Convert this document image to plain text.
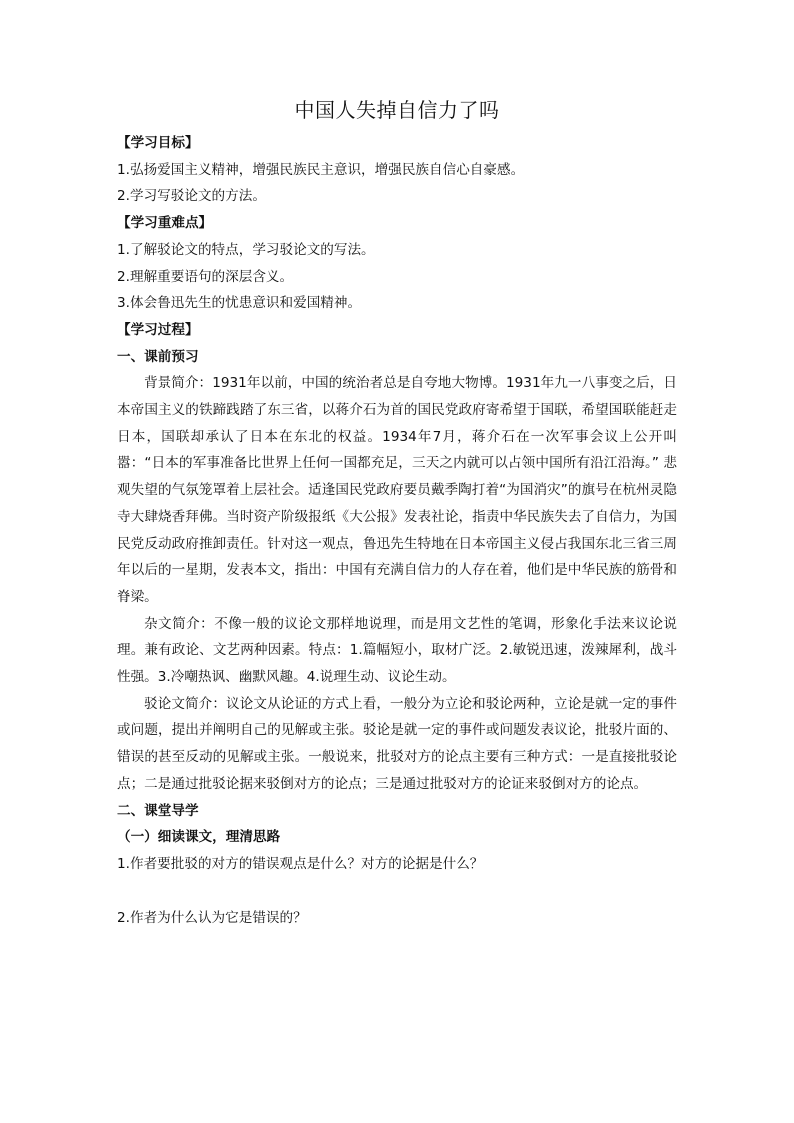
中国人失掉自信力了吗

【学习目标】

1.弘扬爱国主义精神，增强民族民主意识，增强民族自信心自豪感。

2.学习写驳论文的方法。

【学习重难点】

1.了解驳论文的特点，学习驳论文的写法。

2.理解重要语句的深层含义。

3.体会鲁迅先生的忧患意识和爱国精神。

【学习过程】

一、课前预习

背景简介：1931年以前，中国的统治者总是自夸地大物博。1931年九一八事变之后，日本帝国主义的铁蹄践踏了东三省，以蒋介石为首的国民党政府寄希望于国联，希望国联能赶走日本，国联却承认了日本在东北的权益。1934年7月，蒋介石在一次军事会议上公开叫嚣：“日本的军事准备比世界上任何一国都充足，三天之内就可以占领中国所有沿江沿海。” 悲观失望的气氛笼罩着上层社会。适逢国民党政府要员戴季陶打着“为国消灾”的旗号在杭州灵隐寺大肆烧香拜佛。当时资产阶级报纸《大公报》发表社论，指责中华民族失去了自信力，为国民党反动政府推卸责任。针对这一观点，鲁迅先生特地在日本帝国主义侵占我国东北三省三周年以后的一星期，发表本文，指出：中国有充满自信力的人存在着，他们是中华民族的筋骨和脊梁。

杂文简介：不像一般的议论文那样地说理，而是用文艺性的笔调，形象化手法来议论说理。兼有政论、文艺两种因素。特点：1.篇幅短小，取材广泛。2.敏锐迅速，泼辣犀利，战斗性强。3.冷嘲热讽、幽默风趣。4.说理生动、议论生动。

驳论文简介：议论文从论证的方式上看，一般分为立论和驳论两种，立论是就一定的事件或问题，提出并阐明自己的见解或主张。驳论是就一定的事件或问题发表议论，批驳片面的、错误的甚至反动的见解或主张。一般说来，批驳对方的论点主要有三种方式：一是直接批驳论点；二是通过批驳论据来驳倒对方的论点；三是通过批驳对方的论证来驳倒对方的论点。

二、课堂导学

（一）细读课文，理清思路

1.作者要批驳的对方的错误观点是什么？对方的论据是什么？

2.作者为什么认为它是错误的？
